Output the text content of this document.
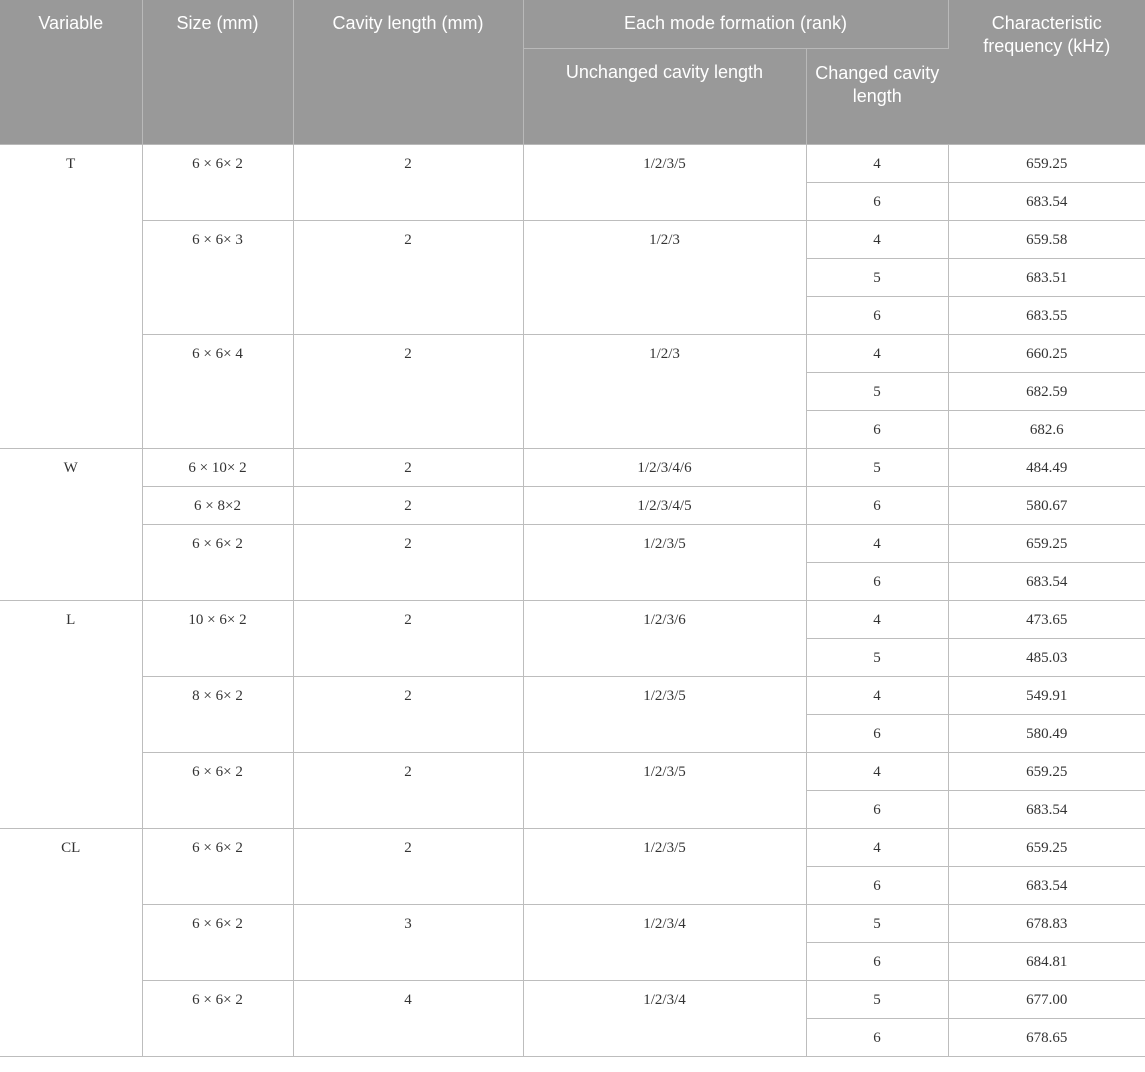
Variable	Size (mm)	Cavity length (mm)	Each mode formation (rank)		Characteristic frequency (kHz)
			Unchanged cavity length	Changed cavity length	
T	6 × 6× 2	2	1/2/3/5	4	659.25
				6	683.54
	6 × 6× 3	2	1/2/3	4	659.58
				5	683.51
				6	683.55
	6 × 6× 4	2	1/2/3	4	660.25
				5	682.59
				6	682.6
W	6 × 10× 2	2	1/2/3/4/6	5	484.49
	6 × 8×2	2	1/2/3/4/5	6	580.67
	6 × 6× 2	2	1/2/3/5	4	659.25
				6	683.54
L	10 × 6× 2	2	1/2/3/6	4	473.65
				5	485.03
	8 × 6× 2	2	1/2/3/5	4	549.91
				6	580.49
	6 × 6× 2	2	1/2/3/5	4	659.25
				6	683.54
CL	6 × 6× 2	2	1/2/3/5	4	659.25
				6	683.54
	6 × 6× 2	3	1/2/3/4	5	678.83
				6	684.81
	6 × 6× 2	4	1/2/3/4	5	677.00
				6	678.65
